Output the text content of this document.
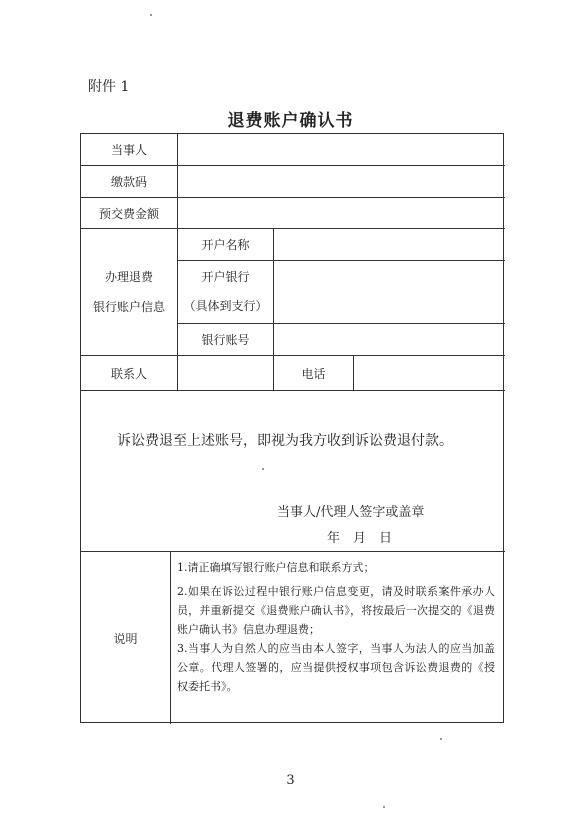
附件 1
退费账户确认书
当事人
缴款码
预交费金额
办理退费
银行账户信息
开户名称
开户银行
（具体到支行）
银行账号
联系人	电话
诉讼费退至上述账号，即视为我方收到诉讼费退付款。
当事人/代理人签字或盖章
年　月　日
说明
1.请正确填写银行账户信息和联系方式；
2.如果在诉讼过程中银行账户信息变更，请及时联系案件承办人员，并重新提交《退费账户确认书》，将按最后一次提交的《退费账户确认书》信息办理退费；
3.当事人为自然人的应当由本人签字，当事人为法人的应当加盖公章。代理人签署的，应当提供授权事项包含诉讼费退费的《授权委托书》。
3
